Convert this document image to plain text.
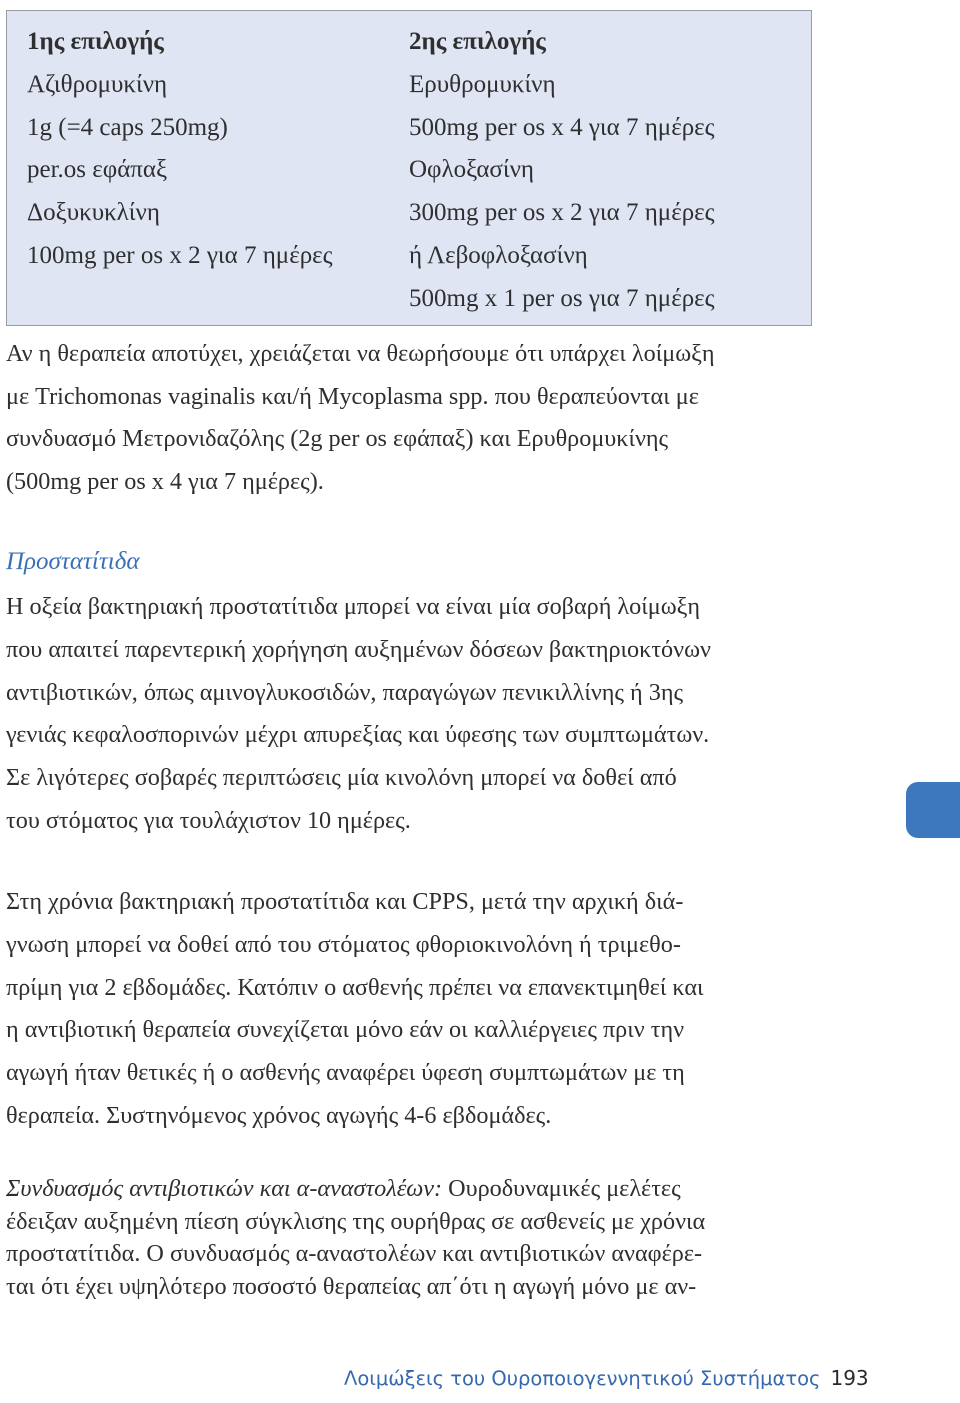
1ης επιλογής
Αζιθρομυκίνη
1g (=4 caps 250mg)
per.os εφάπαξ
Δοξυκυκλίνη
100mg per os x 2 για 7 ημέρες
2ης επιλογής
Ερυθρομυκίνη
500mg per os x 4 για 7 ημέρες
Οφλοξασίνη
300mg per os x 2 για 7 ημέρες
ή Λεβοφλοξασίνη
500mg x 1 per os για 7 ημέρες
Αν η θεραπεία αποτύχει, χρειάζεται να θεωρήσουμε ότι υπάρχει λοίμωξη
με Trichomonas vaginalis και/ή Mycoplasma spp. που θεραπεύονται με
συνδυασμό Μετρονιδαζόλης (2g per os εφάπαξ) και Ερυθρομυκίνης
(500mg per os x 4 για 7 ημέρες).
Προστατίτιδα
Η οξεία βακτηριακή προστατίτιδα μπορεί να είναι μία σοβαρή λοίμωξη
που απαιτεί παρεντερική χορήγηση αυξημένων δόσεων βακτηριοκτόνων
αντιβιοτικών, όπως αμινογλυκοσιδών, παραγώγων πενικιλλίνης ή 3ης
γενιάς κεφαλοσπορινών μέχρι απυρεξίας και ύφεσης των συμπτωμάτων.
Σε λιγότερες σοβαρές περιπτώσεις μία κινολόνη μπορεί να δοθεί από
του στόματος για τουλάχιστον 10 ημέρες.
Στη χρόνια βακτηριακή προστατίτιδα και CPPS, μετά την αρχική διά-
γνωση μπορεί να δοθεί από του στόματος φθοριοκινολόνη ή τριμεθο-
πρίμη για 2 εβδομάδες. Κατόπιν ο ασθενής πρέπει να επανεκτιμηθεί και
η αντιβιοτική θεραπεία συνεχίζεται μόνο εάν οι καλλιέργειες πριν την
αγωγή ήταν θετικές ή ο ασθενής αναφέρει ύφεση συμπτωμάτων με τη
θεραπεία. Συστηνόμενος χρόνος αγωγής 4-6 εβδομάδες.
Συνδυασμός αντιβιοτικών και α-αναστολέων: Ουροδυναμικές μελέτες
έδειξαν αυξημένη πίεση σύγκλισης της ουρήθρας σε ασθενείς με χρόνια
προστατίτιδα. Ο συνδυασμός α-αναστολέων και αντιβιοτικών αναφέρε-
ται ότι έχει υψηλότερο ποσοστό θεραπείας απ΄ότι η αγωγή μόνο με αν-
Λοιμώξεις του Ουροποιογεννητικού Συστήματος 193
